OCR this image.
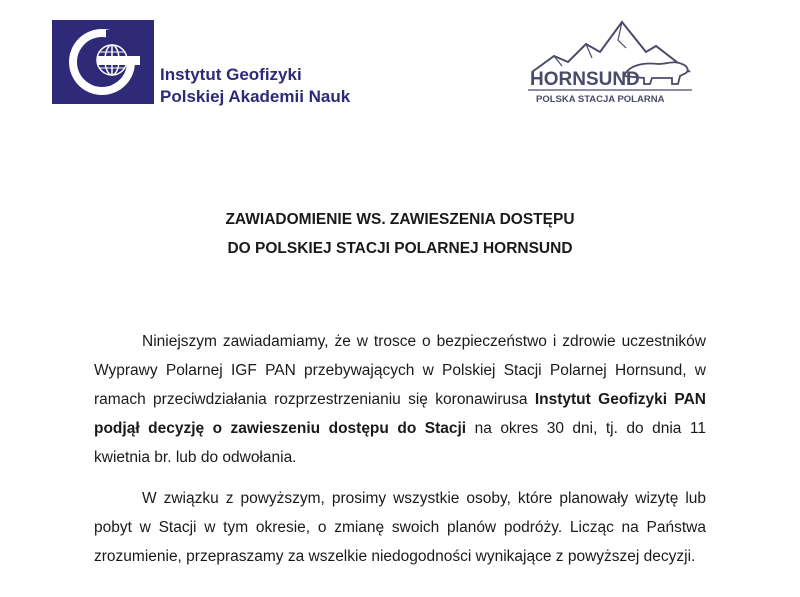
Instytut Geofizyki
Polskiej Akademii Nauk
HORNSUND
POLSKA STACJA POLARNA
ZAWIADOMIENIE WS. ZAWIESZENIA DOSTĘPU
DO POLSKIEJ STACJI POLARNEJ HORNSUND

Niniejszym zawiadamiamy, że w trosce o bezpieczeństwo i zdrowie uczestników Wyprawy Polarnej IGF PAN przebywających w Polskiej Stacji Polarnej Hornsund, w ramach przeciwdziałania rozprzestrzenianiu się koronawirusa Instytut Geofizyki PAN podjął decyzję o zawieszeniu dostępu do Stacji na okres 30 dni, tj. do dnia 11 kwietnia br. lub do odwołania.

W związku z powyższym, prosimy wszystkie osoby, które planowały wizytę lub pobyt w Stacji w tym okresie, o zmianę swoich planów podróży. Licząc na Państwa zrozumienie, przepraszamy za wszelkie niedogodności wynikające z powyższej decyzji.
